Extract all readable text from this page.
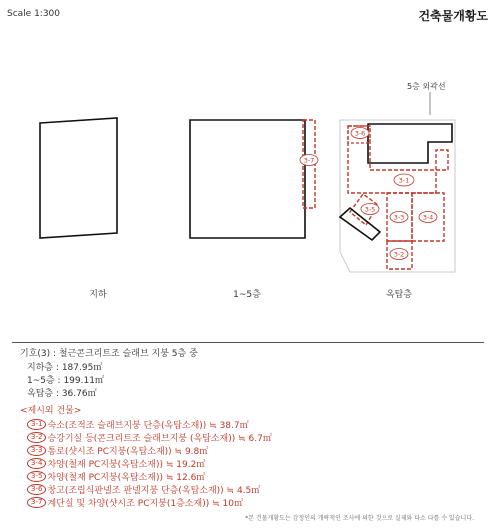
Scale 1:300	건축물개황도
3-7
3-6
3-1
3-5
3-3	3-4
3-2
5층 외곽선
지하	1~5층	옥탑층
기호(3) : 철근콘크리트조 슬래브 지붕 5층 중
지하층 : 187.95㎡
1~5층 : 199.11㎡
옥탑층 : 36.76㎡
<제시외 건물>
3-1 숙소(조적조 슬래브지붕 단층(옥탑소재)) ≒ 38.7㎡
3-2 승강기실 등(콘크리트조 슬래브지붕 (옥탑소재)) ≒ 6.7㎡
3-3 통로(샷시조 PC지붕(옥탑소재)) ≒ 9.8㎡
3-4 차양(철재 PC지붕(옥탑소재)) ≒ 19.2㎡
3-5 차양(철재 PC지붕(옥탑소재)) ≒ 12.6㎡
3-6 창고(조립식판넬조 판넬지붕 단층(옥탑소재)) ≒ 4.5㎡
3-7 계단실 및 차양(샷시조 PC지붕(1층소재)) ≒ 10㎡
*본 건물개황도는 감정인의 개략적인 조사에 의한 것으로 실제와 다소 다를 수 있습니다.
